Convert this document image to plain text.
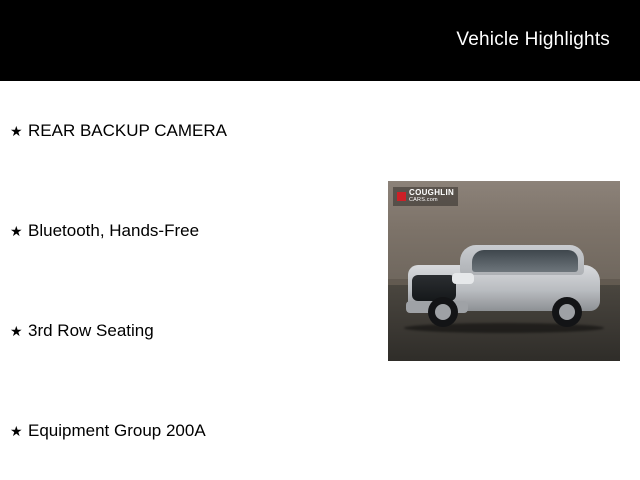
Vehicle Highlights
★ REAR BACKUP CAMERA
★ Bluetooth, Hands-Free
★ 3rd Row Seating
★ Equipment Group 200A
COUGHLIN
CARS.com
